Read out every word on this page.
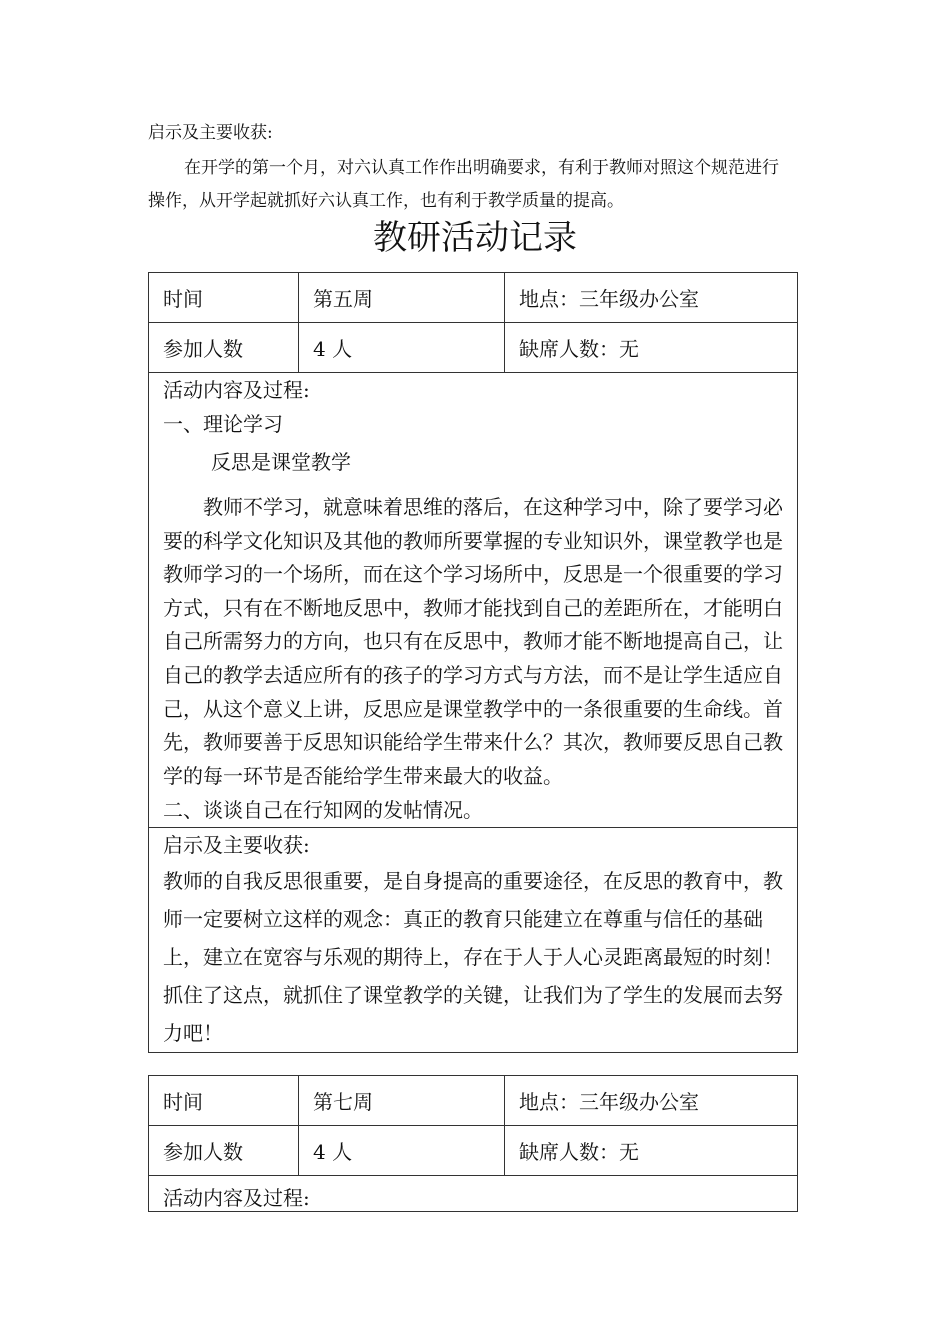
启示及主要收获:
在开学的第一个月，对六认真工作作出明确要求，有利于教师对照这个规范进行操作，从开学起就抓好六认真工作，也有利于教学质量的提高。
教研活动记录
时间	第五周	地点：三年级办公室
参加人数	4 人	缺席人数：无

活动内容及过程:
一、理论学习
反思是课堂教学

教师不学习，就意味着思维的落后，在这种学习中，除了要学习必要的科学文化知识及其他的教师所要掌握的专业知识外，课堂教学也是教师学习的一个场所，而在这个学习场所中，反思是一个很重要的学习方式，只有在不断地反思中，教师才能找到自己的差距所在，才能明白自己所需努力的方向，也只有在反思中，教师才能不断地提高自己，让自己的教学去适应所有的孩子的学习方式与方法，而不是让学生适应自己，从这个意义上讲，反思应是课堂教学中的一条很重要的生命线。首先，教师要善于反思知识能给学生带来什么？其次，教师要反思自己教学的每一环节是否能给学生带来最大的收益。

二、谈谈自己在行知网的发帖情况。		

启示及主要收获:

教师的自我反思很重要，是自身提高的重要途径，在反思的教育中，教师一定要树立这样的观念：真正的教育只能建立在尊重与信任的基础上，建立在宽容与乐观的期待上，存在于人于人心灵距离最短的时刻！抓住了这点，就抓住了课堂教学的关键，让我们为了学生的发展而去努力吧！		

时间	第七周	地点：三年级办公室
参加人数	4 人	缺席人数：无

活动内容及过程:		
